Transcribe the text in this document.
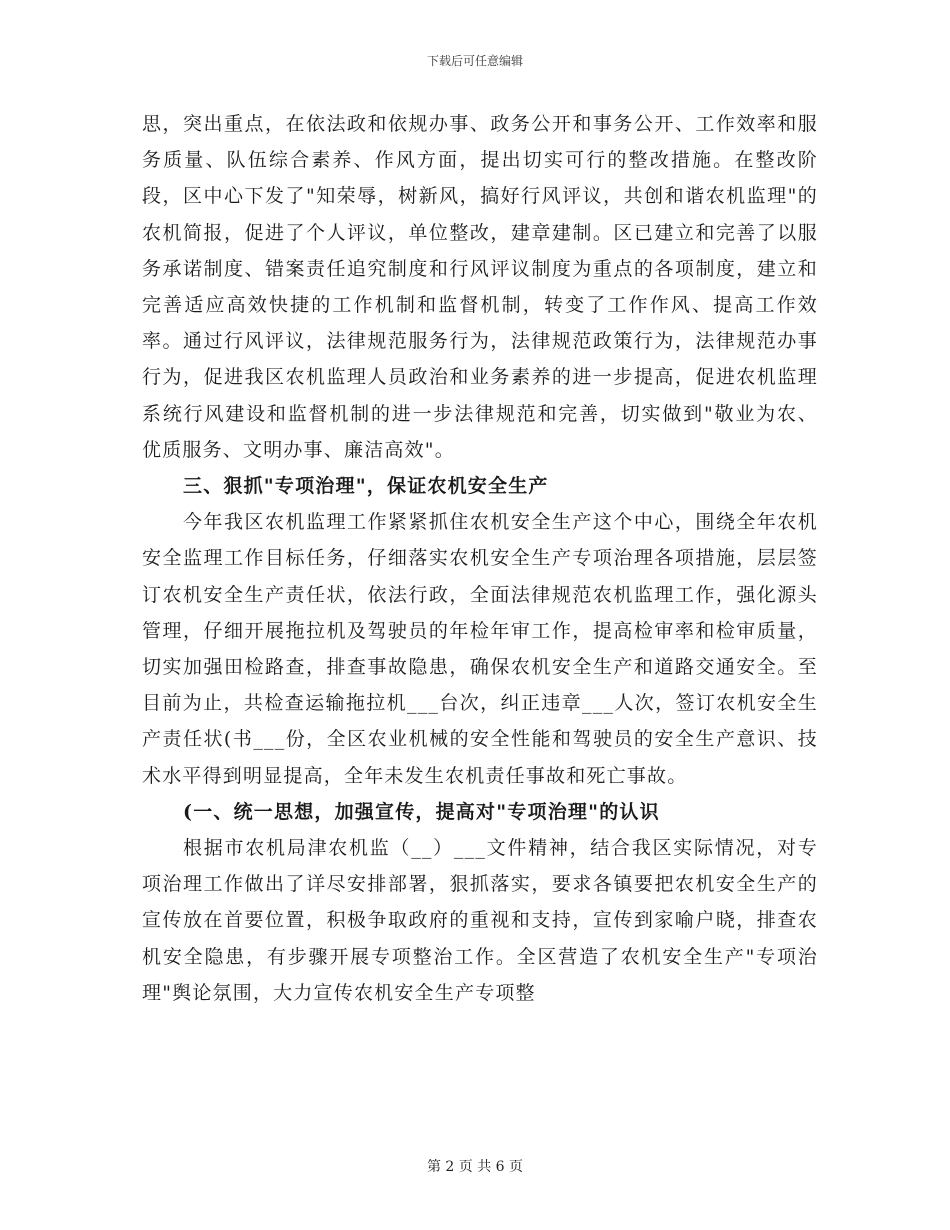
下载后可任意编辑

思，突出重点，在依法政和依规办事、政务公开和事务公开、工作效率和服务质量、队伍综合素养、作风方面，提出切实可行的整改措施。在整改阶段，区中心下发了"知荣辱，树新风，搞好行风评议，共创和谐农机监理"的农机简报，促进了个人评议，单位整改，建章建制。区已建立和完善了以服务承诺制度、错案责任追究制度和行风评议制度为重点的各项制度，建立和完善适应高效快捷的工作机制和监督机制，转变了工作作风、提高工作效率。通过行风评议，法律规范服务行为，法律规范政策行为，法律规范办事行为，促进我区农机监理人员政治和业务素养的进一步提高，促进农机监理系统行风建设和监督机制的进一步法律规范和完善，切实做到"敬业为农、优质服务、文明办事、廉洁高效"。

三、狠抓"专项治理"，保证农机安全生产

今年我区农机监理工作紧紧抓住农机安全生产这个中心，围绕全年农机安全监理工作目标任务，仔细落实农机安全生产专项治理各项措施，层层签订农机安全生产责任状，依法行政，全面法律规范农机监理工作，强化源头管理，仔细开展拖拉机及驾驶员的年检年审工作，提高检审率和检审质量，切实加强田检路查，排查事故隐患，确保农机安全生产和道路交通安全。至目前为止，共检查运输拖拉机___台次，纠正违章___人次，签订农机安全生产责任状(书___份，全区农业机械的安全性能和驾驶员的安全生产意识、技术水平得到明显提高，全年未发生农机责任事故和死亡事故。

(一、统一思想，加强宣传，提高对"专项治理"的认识

根据市农机局津农机监（__）___文件精神，结合我区实际情况，对专项治理工作做出了详尽安排部署，狠抓落实，要求各镇要把农机安全生产的宣传放在首要位置，积极争取政府的重视和支持，宣传到家喻户晓，排查农机安全隐患，有步骤开展专项整治工作。全区营造了农机安全生产"专项治理"舆论氛围，大力宣传农机安全生产专项整

第 2 页 共 6 页
